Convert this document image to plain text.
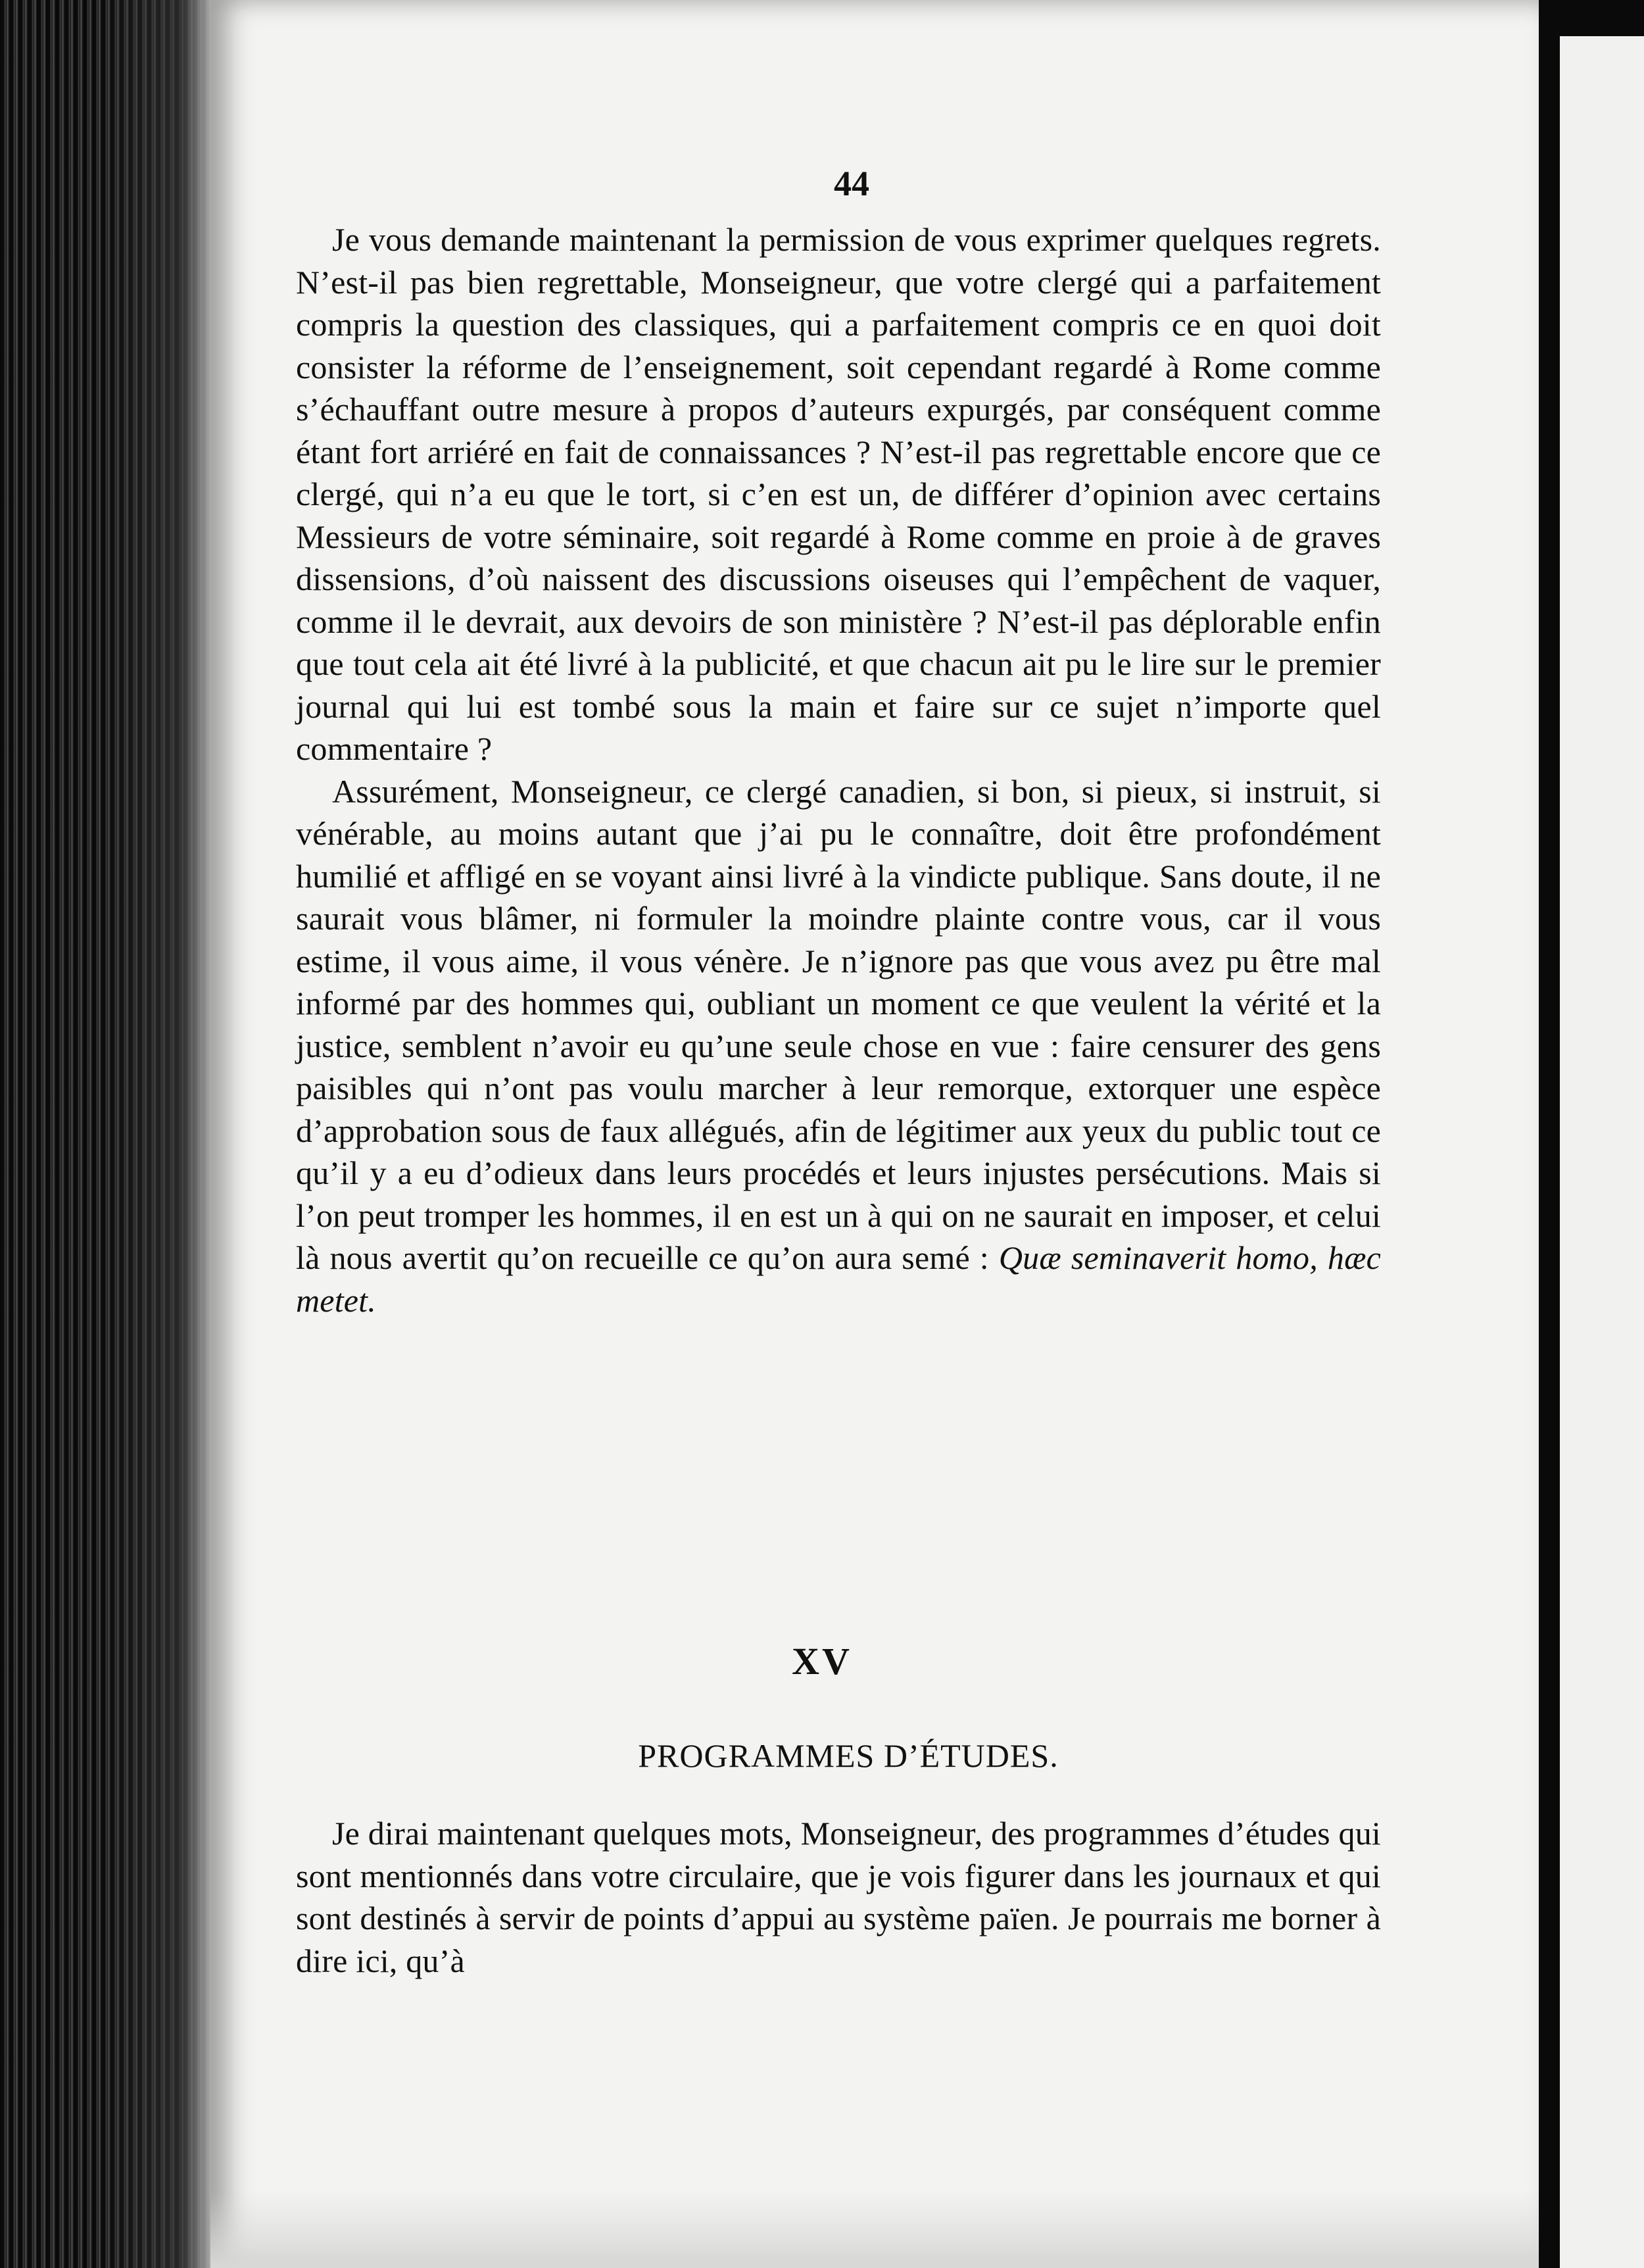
44

Je vous demande maintenant la permission de vous exprimer quelques regrets. N’est-il pas bien regrettable, Monseigneur, que votre clergé qui a parfaitement compris la question des classiques, qui a parfaitement compris ce en quoi doit consister la réforme de l’enseignement, soit cependant regardé à Rome comme s’échauffant outre mesure à propos d’auteurs expurgés, par conséquent comme étant fort arriéré en fait de connaissances ? N’est-il pas regrettable encore que ce clergé, qui n’a eu que le tort, si c’en est un, de différer d’opinion avec certains Messieurs de votre séminaire, soit regardé à Rome comme en proie à de graves dissensions, d’où naissent des discussions oiseuses qui l’empêchent de vaquer, comme il le devrait, aux devoirs de son ministère ? N’est-il pas déplorable enfin que tout cela ait été livré à la publicité, et que chacun ait pu le lire sur le premier journal qui lui est tombé sous la main et faire sur ce sujet n’importe quel commentaire ?

Assurément, Monseigneur, ce clergé canadien, si bon, si pieux, si instruit, si vénérable, au moins autant que j’ai pu le connaître, doit être profondément humilié et affligé en se voyant ainsi livré à la vindicte publique. Sans doute, il ne saurait vous blâmer, ni formuler la moindre plainte contre vous, car il vous estime, il vous aime, il vous vénère. Je n’ignore pas que vous avez pu être mal informé par des hommes qui, oubliant un moment ce que veulent la vérité et la justice, semblent n’avoir eu qu’une seule chose en vue : faire censurer des gens paisibles qui n’ont pas voulu marcher à leur remorque, extorquer une espèce d’approbation sous de faux allégués, afin de légitimer aux yeux du public tout ce qu’il y a eu d’odieux dans leurs procédés et leurs injustes persécutions. Mais si l’on peut tromper les hommes, il en est un à qui on ne saurait en imposer, et celui là nous avertit qu’on recueille ce qu’on aura semé : Quæ seminaverit homo, hæc metet.

XV
PROGRAMMES D’ÉTUDES.

Je dirai maintenant quelques mots, Monseigneur, des programmes d’études qui sont mentionnés dans votre circulaire, que je vois figurer dans les journaux et qui sont destinés à servir de points d’appui au système païen. Je pourrais me borner à dire ici, qu’à
